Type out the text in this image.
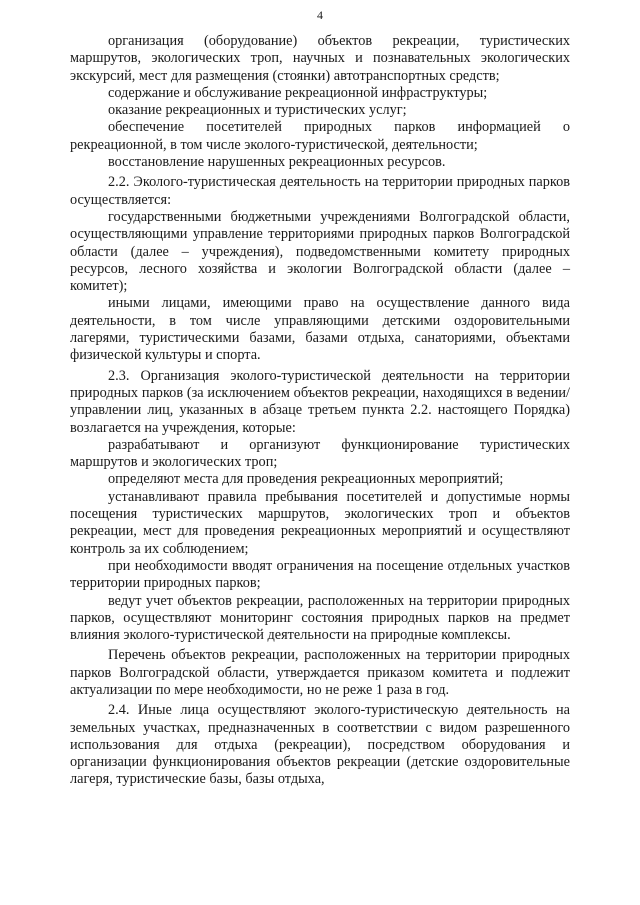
4

организация (оборудование) объектов рекреации, туристических маршрутов, экологических троп, научных и познавательных экологических экскурсий, мест для размещения (стоянки) автотранспортных средств;

содержание и обслуживание рекреационной инфраструктуры;

оказание рекреационных и туристических услуг;

обеспечение посетителей природных парков информацией о рекреационной, в том числе эколого-туристической, деятельности;

восстановление нарушенных рекреационных ресурсов.

2.2. Эколого-туристическая деятельность на территории природных парков осуществляется:

государственными бюджетными учреждениями Волгоградской области, осуществляющими управление территориями природных парков Волгоградской области (далее – учреждения), подведомственными комитету природных ресурсов, лесного хозяйства и экологии Волгоградской области (далее – комитет);

иными лицами, имеющими право на осуществление данного вида деятельности, в том числе управляющими детскими оздоровительными лагерями, туристическими базами, базами отдыха, санаториями, объектами физической культуры и спорта.

2.3. Организация эколого-туристической деятельности на территории природных парков (за исключением объектов рекреации, находящихся в ведении/управлении лиц, указанных в абзаце третьем пункта 2.2. настоящего Порядка) возлагается на учреждения, которые:

разрабатывают и организуют функционирование туристических маршрутов и экологических троп;

определяют места для проведения рекреационных мероприятий;

устанавливают правила пребывания посетителей и допустимые нормы посещения туристических маршрутов, экологических троп и объектов рекреации, мест для проведения рекреационных мероприятий и осуществляют контроль за их соблюдением;

при необходимости вводят ограничения на посещение отдельных участков территории природных парков;

ведут учет объектов рекреации, расположенных на территории природных парков, осуществляют мониторинг состояния природных парков на предмет влияния эколого-туристической деятельности на природные комплексы.

Перечень объектов рекреации, расположенных на территории природных парков Волгоградской области, утверждается приказом комитета и подлежит актуализации по мере необходимости, но не реже 1 раза в год.

2.4. Иные лица осуществляют эколого-туристическую деятельность на земельных участках, предназначенных в соответствии с видом разрешенного использования для отдыха (рекреации), посредством оборудования и организации функционирования объектов рекреации (детские оздоровительные лагеря, туристические базы, базы отдыха,
